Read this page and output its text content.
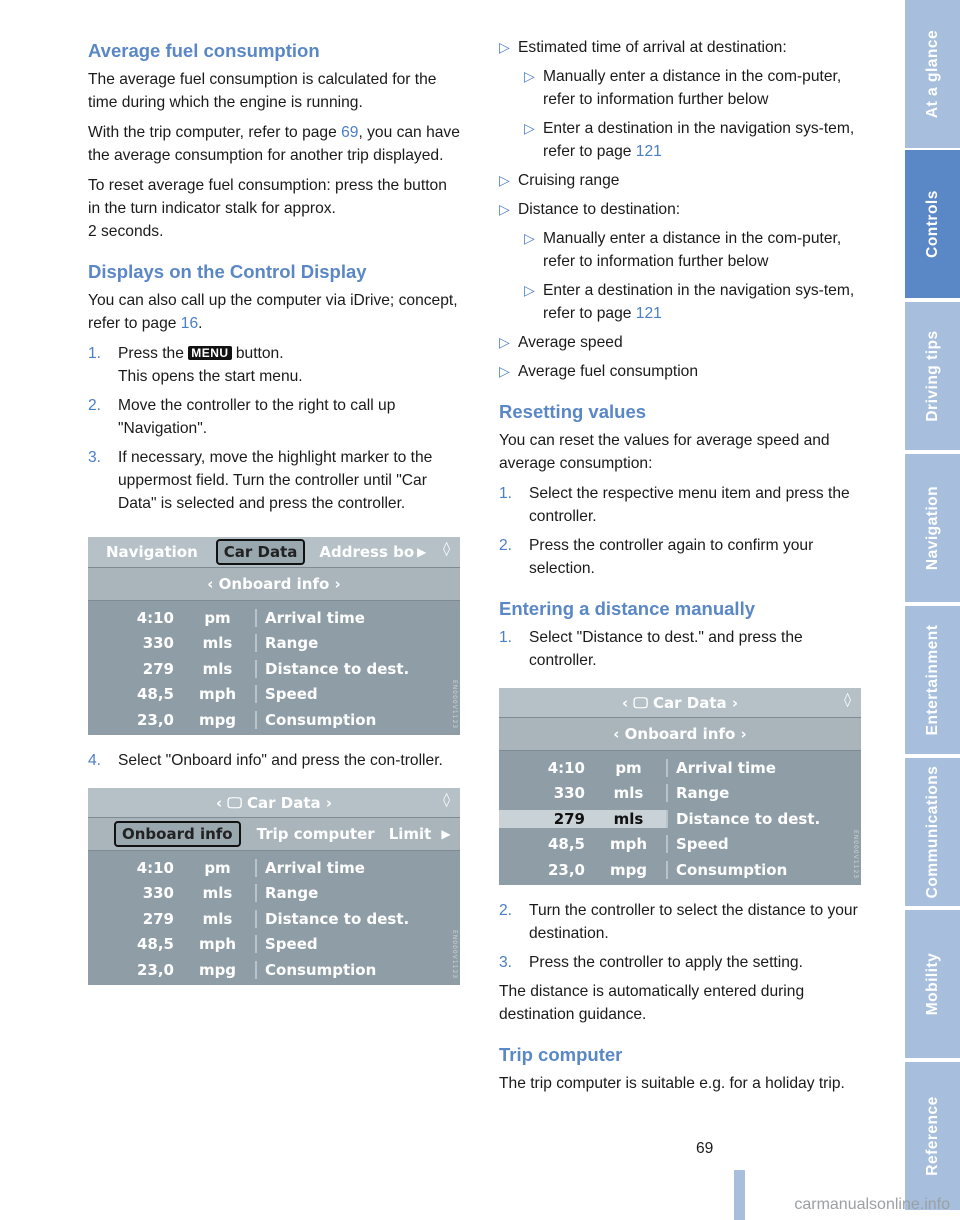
Average fuel consumption

The average fuel consumption is calculated for the time during which the engine is running.

With the trip computer, refer to page 69, you can have the average consumption for another trip displayed.

To reset average fuel consumption: press the button in the turn indicator stalk for approx.
2 seconds.

Displays on the Control Display

You can also call up the computer via iDrive; concept, refer to page 16.

1. Press the MENU button.
This opens the start menu.
2. Move the controller to the right to call up "Navigation".
3. If necessary, move the highlight marker to the uppermost field. Turn the controller until "Car Data" is selected and press the controller.
Navigation	Car Data	Address bo ▶ ◊
‹ Onboard info ›
4:10	pm	Arrival time
330	mls	Range
279	mls	Distance to dest.
48,5	mph	Speed
23,0	mpg	Consumption	EN000V1123
4. Select "Onboard info" and press the con-troller.
‹ 🖵 Car Data ›	◊
Onboard info	Trip computer Limit ▶
4:10	pm	Arrival time
330	mls	Range
279	mls	Distance to dest.
48,5	mph	Speed
23,0	mpg	Consumption	EN000V1123
▷ Estimated time of arrival at destination:
▷ Manually enter a distance in the com-puter, refer to information further below
▷ Enter a destination in the navigation sys-tem, refer to page 121
▷ Cruising range
▷ Distance to destination:
▷ Manually enter a distance in the com-puter, refer to information further below
▷ Enter a destination in the navigation sys-tem, refer to page 121
▷ Average speed
▷ Average fuel consumption
Resetting values

You can reset the values for average speed and average consumption:

1. Select the respective menu item and press the controller.
2. Press the controller again to confirm your selection.
Entering a distance manually
1. Select "Distance to dest." and press the controller.
‹ 🖵 Car Data ›	◊
‹ Onboard info ›
4:10	pm	Arrival time
330	mls	Range
279	mls	Distance to dest.
48,5	mph	Speed
23,0	mpg	Consumption	EN000V1123
2. Turn the controller to select the distance to your destination.
3. Press the controller to apply the setting.

The distance is automatically entered during destination guidance.

Trip computer

The trip computer is suitable e.g. for a holiday trip.

At a glance
Controls
Driving tips
Navigation
Entertainment
Communications
Mobility
Reference
69
carmanualsonline.info
